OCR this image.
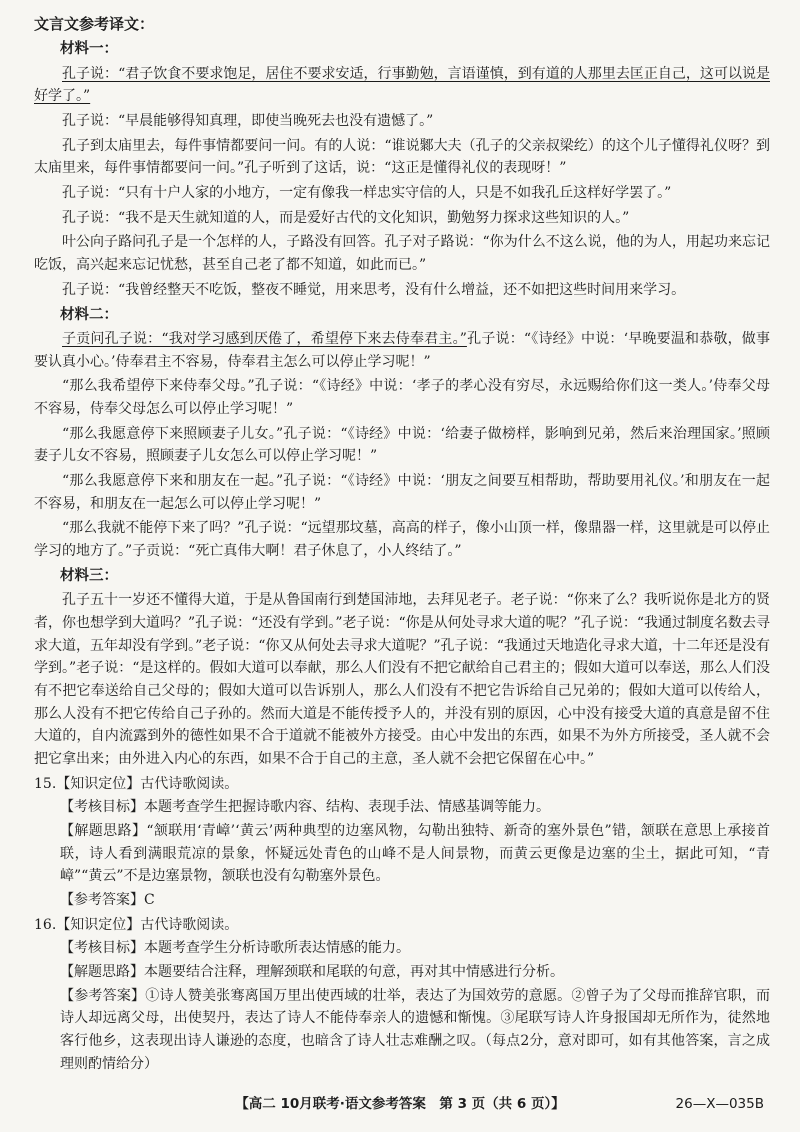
文言文参考译文：
材料一：

孔子说：“君子饮食不要求饱足，居住不要求安适，行事勤勉，言语谨慎，到有道的人那里去匡正自己，这可以说是好学了。”

孔子说：“早晨能够得知真理，即使当晚死去也没有遗憾了。”

孔子到太庙里去，每件事情都要问一问。有的人说：“谁说鄹大夫（孔子的父亲叔梁纥）的这个儿子懂得礼仪呀？到太庙里来，每件事情都要问一问。”孔子听到了这话，说：“这正是懂得礼仪的表现呀！”

孔子说：“只有十户人家的小地方，一定有像我一样忠实守信的人，只是不如我孔丘这样好学罢了。”

孔子说：“我不是天生就知道的人，而是爱好古代的文化知识，勤勉努力探求这些知识的人。”

叶公向子路问孔子是一个怎样的人，子路没有回答。孔子对子路说：“你为什么不这么说，他的为人，用起功来忘记吃饭，高兴起来忘记忧愁，甚至自己老了都不知道，如此而已。”

孔子说：“我曾经整天不吃饭，整夜不睡觉，用来思考，没有什么增益，还不如把这些时间用来学习。

材料二：

子贡问孔子说：“我对学习感到厌倦了，希望停下来去侍奉君主。”孔子说：“《诗经》中说：‘早晚要温和恭敬，做事要认真小心。’侍奉君主不容易，侍奉君主怎么可以停止学习呢！”

“那么我希望停下来侍奉父母。”孔子说：“《诗经》中说：‘孝子的孝心没有穷尽，永远赐给你们这一类人。’侍奉父母不容易，侍奉父母怎么可以停止学习呢！”

“那么我愿意停下来照顾妻子儿女。”孔子说：“《诗经》中说：‘给妻子做榜样，影响到兄弟，然后来治理国家。’照顾妻子儿女不容易，照顾妻子儿女怎么可以停止学习呢！”

“那么我愿意停下来和朋友在一起。”孔子说：“《诗经》中说：‘朋友之间要互相帮助，帮助要用礼仪。’和朋友在一起不容易，和朋友在一起怎么可以停止学习呢！”

“那么我就不能停下来了吗？”孔子说：“远望那坟墓，高高的样子，像小山顶一样，像鼎器一样，这里就是可以停止学习的地方了。”子贡说：“死亡真伟大啊！君子休息了，小人终结了。”

材料三：

孔子五十一岁还不懂得大道，于是从鲁国南行到楚国沛地，去拜见老子。老子说：“你来了么？我听说你是北方的贤者，你也想学到大道吗？”孔子说：“还没有学到。”老子说：“你是从何处寻求大道的呢？”孔子说：“我通过制度名数去寻求大道，五年却没有学到。”老子说：“你又从何处去寻求大道呢？”孔子说：“我通过天地造化寻求大道，十二年还是没有学到。”老子说：“是这样的。假如大道可以奉献，那么人们没有不把它献给自己君主的；假如大道可以奉送，那么人们没有不把它奉送给自己父母的；假如大道可以告诉别人，那么人们没有不把它告诉给自己兄弟的；假如大道可以传给人，那么人没有不把它传给自己子孙的。然而大道是不能传授予人的，并没有别的原因，心中没有接受大道的真意是留不住大道的，自内流露到外的德性如果不合于道就不能被外方接受。由心中发出的东西，如果不为外方所接受，圣人就不会把它拿出来；由外进入内心的东西，如果不合于自己的主意，圣人就不会把它保留在心中。”

15.【知识定位】古代诗歌阅读。
【考核目标】本题考查学生把握诗歌内容、结构、表现手法、情感基调等能力。
【解题思路】“颔联用‘青嶂’‘黄云’两种典型的边塞风物，勾勒出独特、新奇的塞外景色”错，颔联在意思上承接首联，诗人看到满眼荒凉的景象，怀疑远处青色的山峰不是人间景物，而黄云更像是边塞的尘土，据此可知，“青嶂”“黄云”不是边塞景物，颔联也没有勾勒塞外景色。
【参考答案】C
16.【知识定位】古代诗歌阅读。
【考核目标】本题考查学生分析诗歌所表达情感的能力。
【解题思路】本题要结合注释，理解颈联和尾联的句意，再对其中情感进行分析。
【参考答案】①诗人赞美张骞离国万里出使西域的壮举，表达了为国效劳的意愿。②曾子为了父母而推辞官职，而诗人却远离父母，出使契丹，表达了诗人不能侍奉亲人的遗憾和惭愧。③尾联写诗人许身报国却无所作为，徒然地客行他乡，这表现出诗人谦逊的态度，也暗含了诗人壮志难酬之叹。（每点2分，意对即可，如有其他答案，言之成理则酌情给分）
【高二 10月联考·语文参考答案　第 3 页（共 6 页）】	26—X—035B
